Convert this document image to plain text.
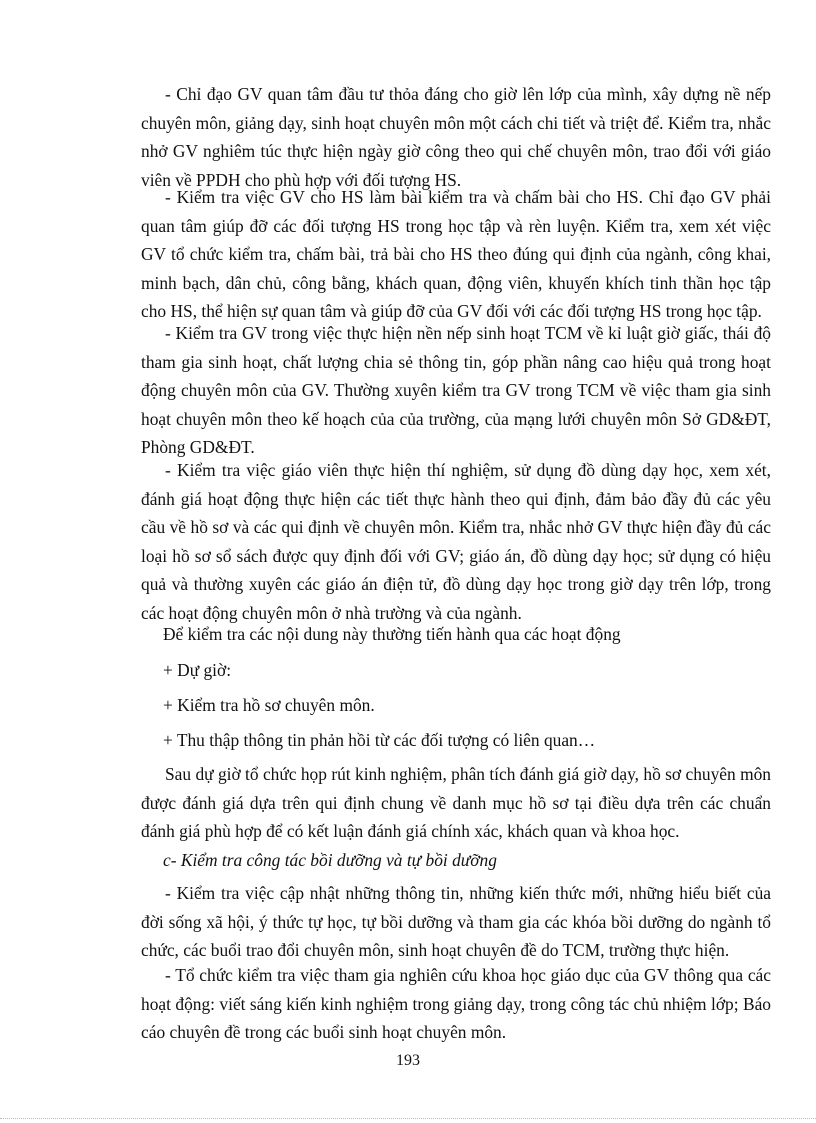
- Chỉ đạo GV quan tâm đầu tư thỏa đáng cho giờ lên lớp của mình, xây dựng nề nếp chuyên môn, giảng dạy, sinh hoạt chuyên môn một cách chi tiết và triệt để. Kiểm tra, nhắc nhở GV nghiêm túc thực hiện ngày giờ công theo qui chế chuyên môn, trao đổi với giáo viên về PPDH cho phù hợp với đối tượng HS.

- Kiểm tra việc GV cho HS làm bài kiểm tra và chấm bài cho HS. Chỉ đạo GV phải quan tâm giúp đỡ các đối tượng HS trong học tập và rèn luyện. Kiểm tra, xem xét việc GV tổ chức kiểm tra, chấm bài, trả bài cho HS theo đúng qui định của ngành, công khai, minh bạch, dân chủ, công bằng, khách quan, động viên, khuyến khích tinh thần học tập cho HS, thể hiện sự quan tâm và giúp đỡ của GV đối với các đối tượng HS trong học tập.

- Kiểm tra GV trong việc thực hiện nền nếp sinh hoạt TCM về kỉ luật giờ giấc, thái độ tham gia sinh hoạt, chất lượng chia sẻ thông tin, góp phần nâng cao hiệu quả trong hoạt động chuyên môn của GV. Thường xuyên kiểm tra GV trong TCM về việc tham gia sinh hoạt chuyên môn theo kế hoạch của của trường, của mạng lưới chuyên môn Sở GD&ĐT, Phòng GD&ĐT.

- Kiểm tra việc giáo viên thực hiện thí nghiệm, sử dụng đồ dùng dạy học, xem xét, đánh giá hoạt động thực hiện các tiết thực hành theo qui định, đảm bảo đầy đủ các yêu cầu về hồ sơ và các qui định về chuyên môn. Kiểm tra, nhắc nhở GV thực hiện đầy đủ các loại hồ sơ sổ sách được quy định đối với GV; giáo án, đồ dùng dạy học; sử dụng có hiệu quả và thường xuyên các giáo án điện tử, đồ dùng dạy học trong giờ dạy trên lớp, trong các hoạt động chuyên môn ở nhà trường và của ngành.

Để kiểm tra các nội dung này thường tiến hành qua các hoạt động

+ Dự giờ:

+ Kiểm tra hồ sơ chuyên môn.

+ Thu thập thông tin phản hồi từ các đối tượng có liên quan…

Sau dự giờ tổ chức họp rút kinh nghiệm, phân tích đánh giá giờ dạy, hồ sơ chuyên môn được đánh giá dựa trên qui định chung về danh mục hồ sơ tại điều dựa trên các chuẩn đánh giá phù hợp để có kết luận đánh giá chính xác, khách quan và khoa học.

c- Kiểm tra công tác bồi dưỡng và tự bồi dưỡng

- Kiểm tra việc cập nhật những thông tin, những kiến thức mới, những hiểu biết của đời sống xã hội, ý thức tự học, tự bồi dưỡng và tham gia các khóa bồi dưỡng do ngành tổ chức, các buổi trao đổi chuyên môn, sinh hoạt chuyên đề do TCM, trường thực hiện.

- Tổ chức kiểm tra việc tham gia nghiên cứu khoa học giáo dục của GV thông qua các hoạt động: viết sáng kiến kinh nghiệm trong giảng dạy, trong công tác chủ nhiệm lớp; Báo cáo chuyên đề trong các buổi sinh hoạt chuyên môn.

193
